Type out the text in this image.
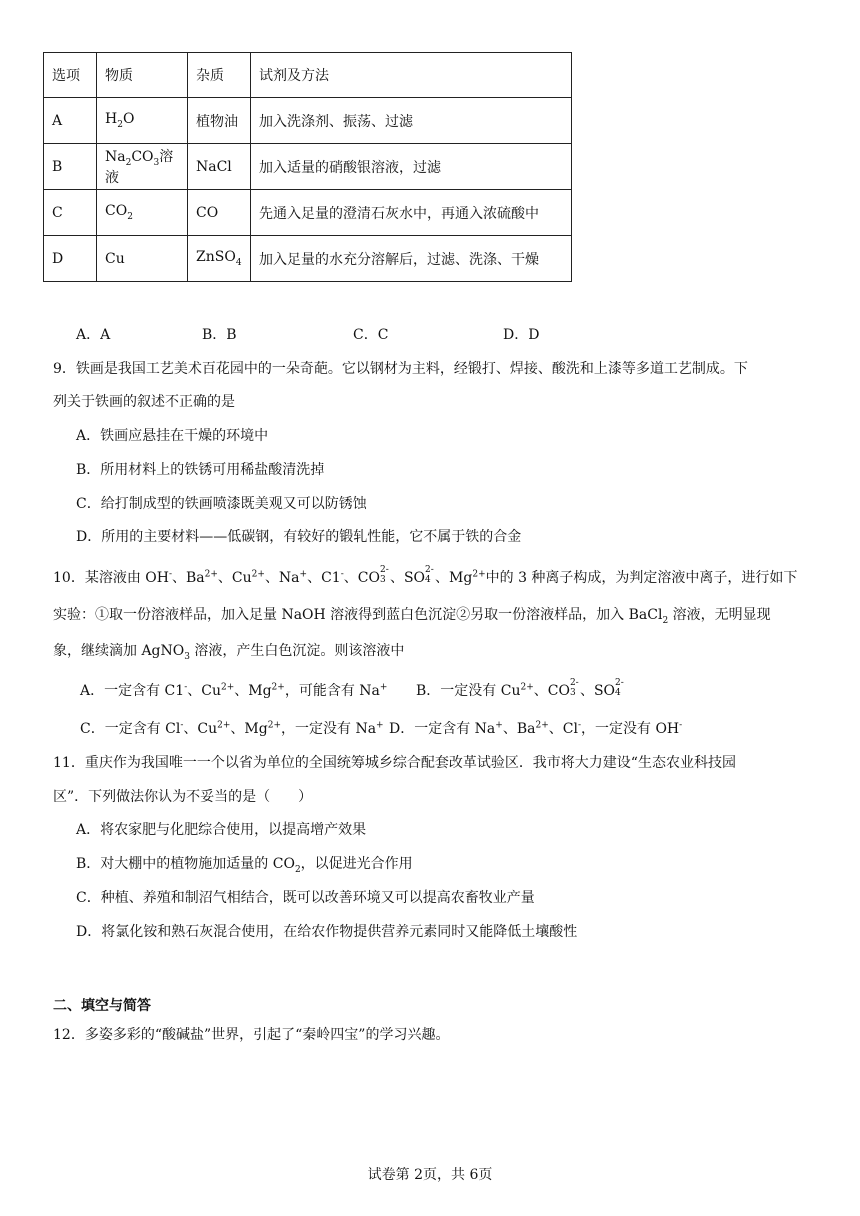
选项	物质	杂质	试剂及方法
A	$H_2O$	植物油	加入洗涤剂、振荡、过滤
B	$Na_2CO_3$溶液	NaCl	加入适量的硝酸银溶液，过滤
C	$CO_2$	CO	先通入足量的澄清石灰水中，再通入浓硫酸中
D	Cu	ZnSO$_4$	加入足量的水充分溶解后，过滤、洗涤、干燥
A．A	B．B	C．C	D．D
9．铁画是我国工艺美术百花园中的一朵奇葩。它以钢材为主料，经锻打、焊接、酸洗和上漆等多道工艺制成。下
列关于铁画的叙述不正确的是
A．铁画应悬挂在干燥的环境中
B．所用材料上的铁锈可用稀盐酸清洗掉
C．给打制成型的铁画喷漆既美观又可以防锈蚀
D．所用的主要材料——低碳钢，有较好的锻轧性能，它不属于铁的合金
10．某溶液由 OH-、$Ba^{2+}$、$Cu^{2+}$、Na+、C1-、CO 2-
3 、SO 2-
4 、$Mg^{2+}$中的 3 种离子构成，为判定溶液中离子，进行如下
实验：①取一份溶液样品，加入足量 NaOH 溶液得到蓝白色沉淀②另取一份溶液样品，加入 BaCl$_2$ 溶液，无明显现
象，继续滴加 AgNO$_3$ 溶液，产生白色沉淀。则该溶液中
A．一定含有 C1-、$Cu^{2+}$、$Mg^{2+}$，可能含有 Na+ B．一定没有 $Cu^{2+}$、CO 2-
3 、SO 2-
4
C．一定含有 Cl-、$Cu^{2+}$、$Mg^{2+}$，一定没有 Na+ D．一定含有 Na+、$Ba^{2+}$、Cl-，一定没有 OH-
11．重庆作为我国唯一一个以省为单位的全国统筹城乡综合配套改革试验区．我市将大力建设“生态农业科技园
区”．下列做法你认为不妥当的是（　　）
A．将农家肥与化肥综合使用，以提高增产效果
B．对大棚中的植物施加适量的 $CO_2$，以促进光合作用
C．种植、养殖和制沼气相结合，既可以改善环境又可以提高农畜牧业产量
D．将氯化铵和熟石灰混合使用，在给农作物提供营养元素同时又能降低土壤酸性
二、填空与简答
12．多姿多彩的“酸碱盐”世界，引起了“秦岭四宝”的学习兴趣。
试卷第 2页，共 6页
